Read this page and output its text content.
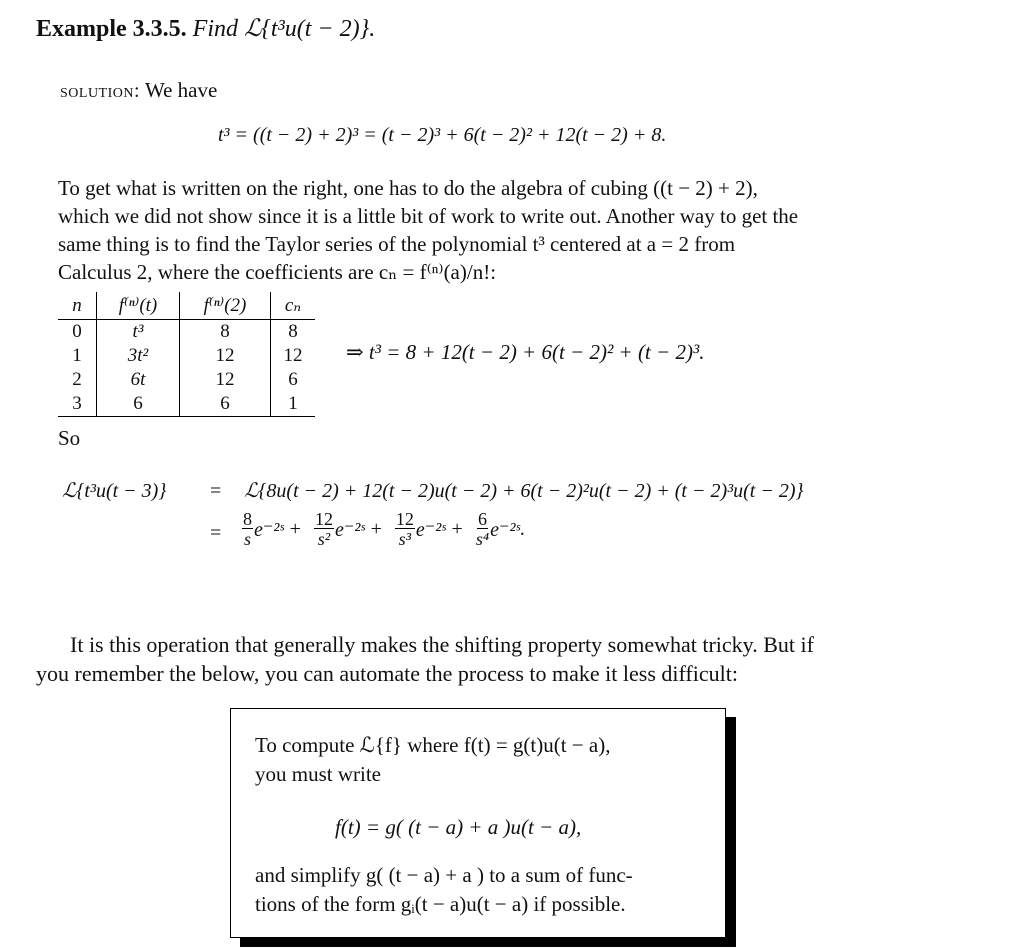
Example 3.3.5. Find ℒ{t³u(t − 2)}.
solution: We have
t³ = ((t − 2) + 2)³ = (t − 2)³ + 6(t − 2)² + 12(t − 2) + 8.
To get what is written on the right, one has to do the algebra of cubing ((t − 2) + 2),
which we did not show since it is a little bit of work to write out. Another way to get the
same thing is to find the Taylor series of the polynomial t³ centered at a = 2 from
Calculus 2, where the coefficients are cₙ = f⁽ⁿ⁾(a)/n!:
n	f⁽ⁿ⁾(t)	f⁽ⁿ⁾(2)	cₙ
0	t³	8	8
1	3t²	12	12
2	6t	12	6
3	6	6	1
⇒ t³ = 8 + 12(t − 2) + 6(t − 2)² + (t − 2)³.
So
ℒ{t³u(t − 3)} = ℒ{8u(t − 2) + 12(t − 2)u(t − 2) + 6(t − 2)²u(t − 2) + (t − 2)³u(t − 2)}
= $\frac{8}{s}$ e⁻²ˢ +
$\frac{12}{\text{s²}}$ e⁻²ˢ +
$\frac{12}{\text{s³}}$ e⁻²ˢ +
$\frac{6}{\text{s⁴}}$ e⁻²ˢ .
It is this operation that generally makes the shifting property somewhat tricky. But if
you remember the below, you can automate the process to make it less difficult:
To compute ℒ{f} where f(t) = g(t)u(t − a),
you must write
f(t) = g( (t − a) + a )u(t − a),
and simplify g( (t − a) + a ) to a sum of func-
tions of the form gᵢ(t − a)u(t − a) if possible.
